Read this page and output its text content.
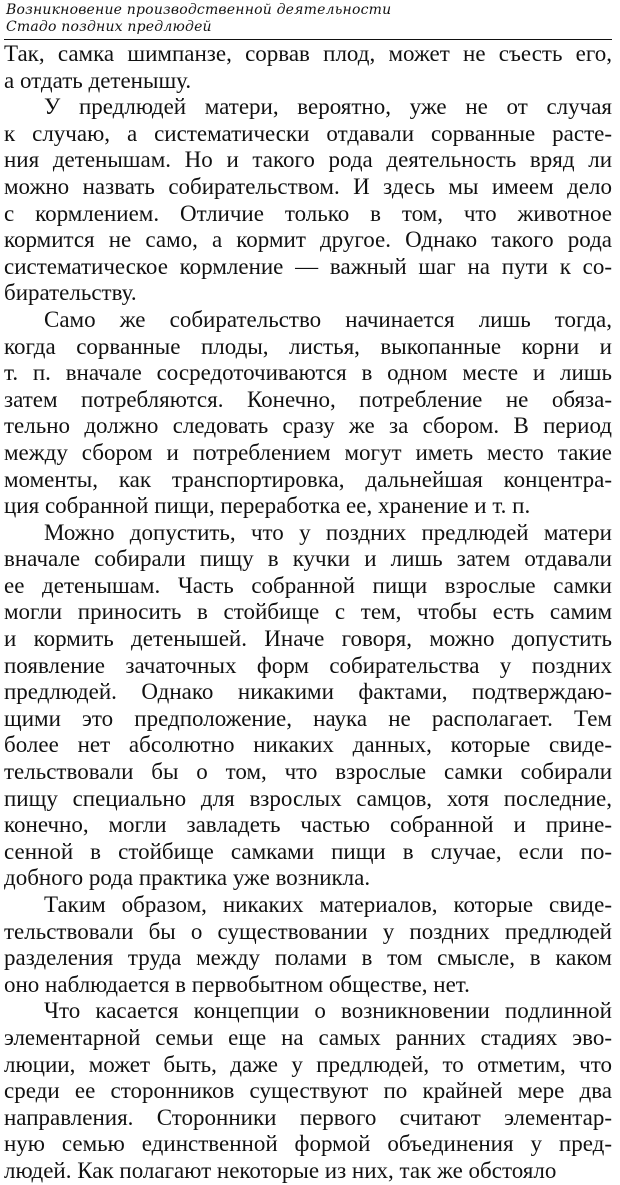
Возникновение производственной деятельности
Стадо поздних предлюдей
Так, самка шимпанзе, сорвав плод, может не съесть его,
а отдать детенышу.
У предлюдей матери, вероятно, уже не от случая
к случаю, а систематически отдавали сорванные расте-
ния детенышам. Но и такого рода деятельность вряд ли
можно назвать собирательством. И здесь мы имеем дело
с кормлением. Отличие только в том, что животное
кормится не само, а кормит другое. Однако такого рода
систематическое кормление — важный шаг на пути к со-
бирательству.
Само же собирательство начинается лишь тогда,
когда сорванные плоды, листья, выкопанные корни и
т. п. вначале сосредоточиваются в одном месте и лишь
затем потребляются. Конечно, потребление не обяза-
тельно должно следовать сразу же за сбором. В период
между сбором и потреблением могут иметь место такие
моменты, как транспортировка, дальнейшая концентра-
ция собранной пищи, переработка ее, хранение и т. п.
Можно допустить, что у поздних предлюдей матери
вначале собирали пищу в кучки и лишь затем отдавали
ее детенышам. Часть собранной пищи взрослые самки
могли приносить в стойбище с тем, чтобы есть самим
и кормить детенышей. Иначе говоря, можно допустить
появление зачаточных форм собирательства у поздних
предлюдей. Однако никакими фактами, подтверждаю-
щими это предположение, наука не располагает. Тем
более нет абсолютно никаких данных, которые свиде-
тельствовали бы о том, что взрослые самки собирали
пищу специально для взрослых самцов, хотя последние,
конечно, могли завладеть частью собранной и прине-
сенной в стойбище самками пищи в случае, если по-
добного рода практика уже возникла.
Таким образом, никаких материалов, которые свиде-
тельствовали бы о существовании у поздних предлюдей
разделения труда между полами в том смысле, в каком
оно наблюдается в первобытном обществе, нет.
Что касается концепции о возникновении подлинной
элементарной семьи еще на самых ранних стадиях эво-
люции, может быть, даже у предлюдей, то отметим, что
среди ее сторонников существуют по крайней мере два
направления. Сторонники первого считают элементар-
ную семью единственной формой объединения у пред-
людей. Как полагают некоторые из них, так же обстояло
